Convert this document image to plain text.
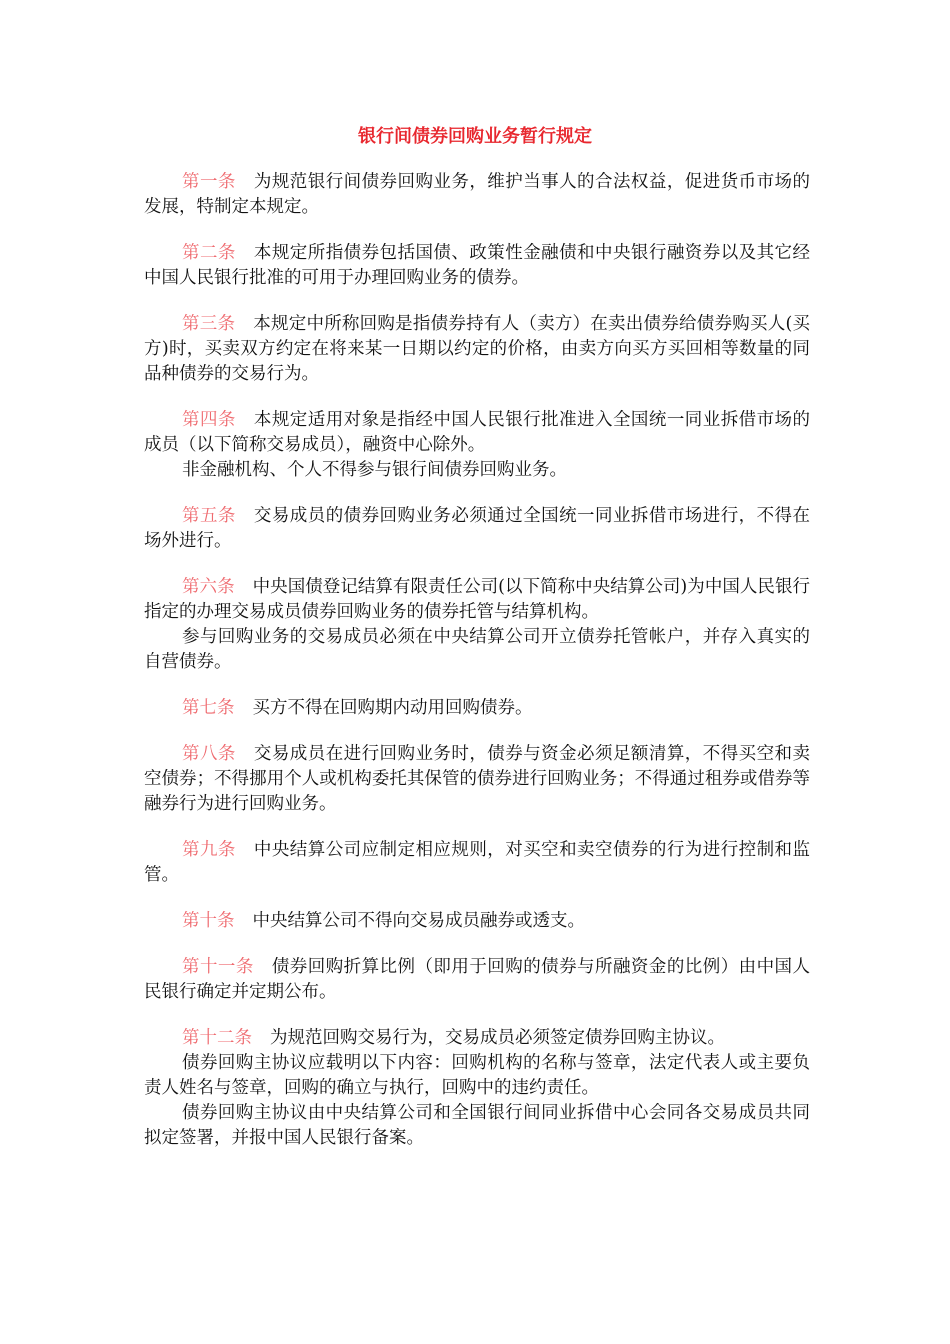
银行间债券回购业务暂行规定

第一条 为规范银行间债券回购业务，维护当事人的合法权益，促进货币市场的发展，特制定本规定。

第二条 本规定所指债券包括国债、政策性金融债和中央银行融资券以及其它经中国人民银行批准的可用于办理回购业务的债券。

第三条 本规定中所称回购是指债券持有人（卖方）在卖出债券给债券购买人(买方)时，买卖双方约定在将来某一日期以约定的价格，由卖方向买方买回相等数量的同品种债券的交易行为。

第四条 本规定适用对象是指经中国人民银行批准进入全国统一同业拆借市场的成员（以下简称交易成员），融资中心除外。

非金融机构、个人不得参与银行间债券回购业务。

第五条 交易成员的债券回购业务必须通过全国统一同业拆借市场进行，不得在场外进行。

第六条 中央国债登记结算有限责任公司(以下简称中央结算公司)为中国人民银行指定的办理交易成员债券回购业务的债券托管与结算机构。

参与回购业务的交易成员必须在中央结算公司开立债券托管帐户，并存入真实的自营债券。

第七条 买方不得在回购期内动用回购债券。

第八条 交易成员在进行回购业务时，债券与资金必须足额清算，不得买空和卖空债券；不得挪用个人或机构委托其保管的债券进行回购业务；不得通过租券或借券等融券行为进行回购业务。

第九条 中央结算公司应制定相应规则，对买空和卖空债券的行为进行控制和监管。

第十条 中央结算公司不得向交易成员融券或透支。

第十一条 债券回购折算比例（即用于回购的债券与所融资金的比例）由中国人民银行确定并定期公布。

第十二条 为规范回购交易行为，交易成员必须签定债券回购主协议。

债券回购主协议应载明以下内容：回购机构的名称与签章，法定代表人或主要负责人姓名与签章，回购的确立与执行，回购中的违约责任。

债券回购主协议由中央结算公司和全国银行间同业拆借中心会同各交易成员共同拟定签署，并报中国人民银行备案。
